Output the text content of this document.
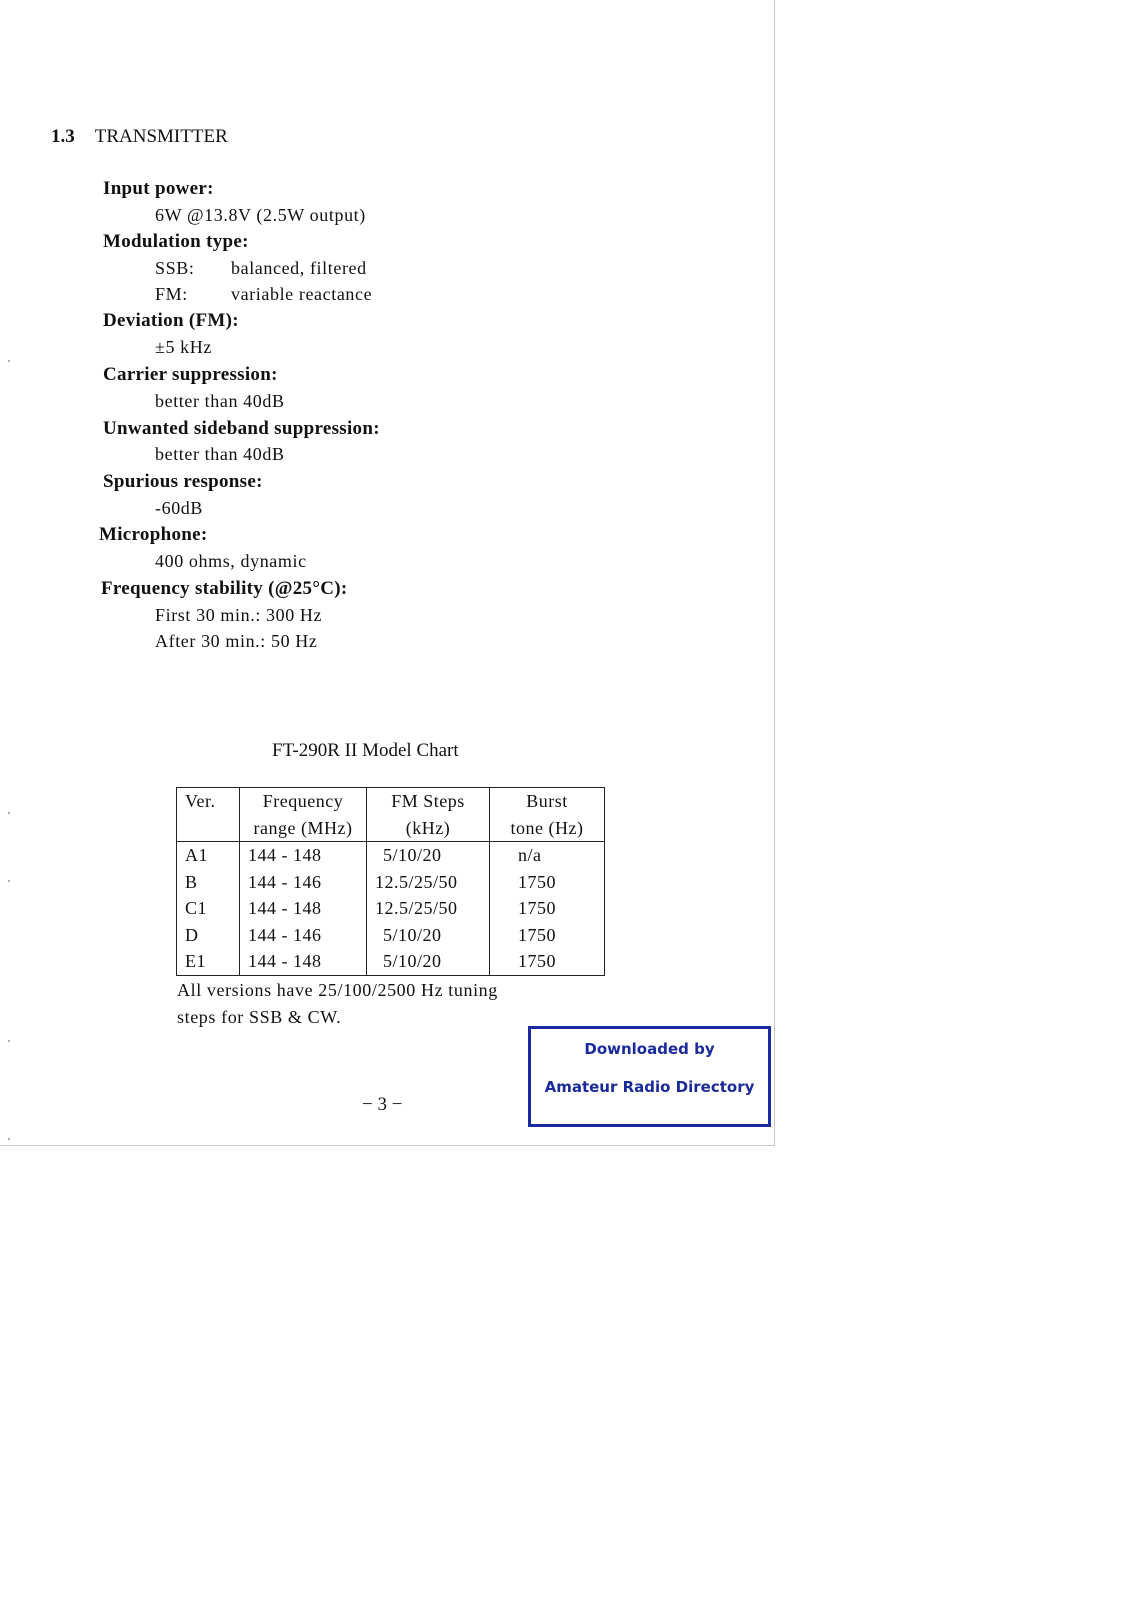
1.3 TRANSMITTER
Input power:
6W @13.8V (2.5W output)
Modulation type:
SSB: balanced, filtered
FM: variable reactance
Deviation (FM):
±5 kHz
Carrier suppression:
better than 40dB
Unwanted sideband suppression:
better than 40dB
Spurious response:
-60dB
Microphone:
400 ohms, dynamic
Frequency stability (@25°C):
First 30 min.: 300 Hz
After 30 min.: 50 Hz
FT-290R II Model Chart
Ver.	Frequency	FM Steps	Burst
	range (MHz)	(kHz)	tone (Hz)
A1	144 - 148	5/10/20	n/a
B	144 - 146	12.5/25/50	1750
C1	144 - 148	12.5/25/50	1750
D	144 - 146	5/10/20	1750
E1	144 - 148	5/10/20	1750
All versions have 25/100/2500 Hz tuning
steps for SSB & CW.
− 3 −
Downloaded by
Amateur Radio Directory
